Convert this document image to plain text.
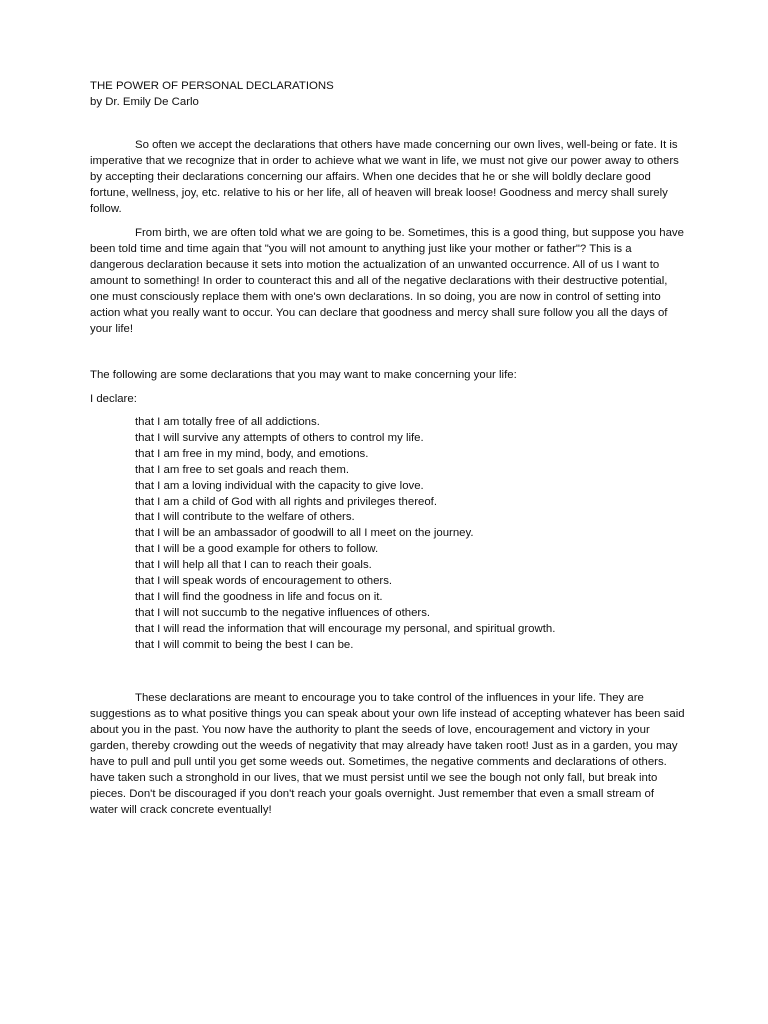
THE POWER OF PERSONAL DECLARATIONS

by Dr. Emily De Carlo

So often we accept the declarations that others have made concerning our own lives, well-being or fate. It is imperative that we recognize that in order to achieve what we want in life, we must not give our power away to others by accepting their declarations concerning our affairs. When one decides that he or she will boldly declare good fortune, wellness, joy, etc. relative to his or her life, all of heaven will break loose! Goodness and mercy shall surely follow.

From birth, we are often told what we are going to be. Sometimes, this is a good thing, but suppose you have been told time and time again that "you will not amount to anything just like your mother or father"? This is a dangerous declaration because it sets into motion the actualization of an unwanted occurrence. All of us I want to amount to something! In order to counteract this and all of the negative declarations with their destructive potential, one must consciously replace them with one's own declarations. In so doing, you are now in control of setting into action what you really want to occur. You can declare that goodness and mercy shall sure follow you all the days of your life!

The following are some declarations that you may want to make concerning your life:

I declare:

that I am totally free of all addictions.
that I will survive any attempts of others to control my life.
that I am free in my mind, body, and emotions.
that I am free to set goals and reach them.
that I am a loving individual with the capacity to give love.
that I am a child of God with all rights and privileges thereof.
that I will contribute to the welfare of others.
that I will be an ambassador of goodwill to all I meet on the journey.
that I will be a good example for others to follow.
that I will help all that I can to reach their goals.
that I will speak words of encouragement to others.
that I will find the goodness in life and focus on it.
that I will not succumb to the negative influences of others.
that I will read the information that will encourage my personal, and spiritual growth.
that I will commit to being the best I can be.

These declarations are meant to encourage you to take control of the influences in your life. They are suggestions as to what positive things you can speak about your own life instead of accepting whatever has been said about you in the past. You now have the authority to plant the seeds of love, encouragement and victory in your garden, thereby crowding out the weeds of negativity that may already have taken root! Just as in a garden, you may have to pull and pull until you get some weeds out. Sometimes, the negative comments and declarations of others. have taken such a stronghold in our lives, that we must persist until we see the bough not only fall, but break into pieces. Don't be discouraged if you don't reach your goals overnight. Just remember that even a small stream of water will crack concrete eventually!
